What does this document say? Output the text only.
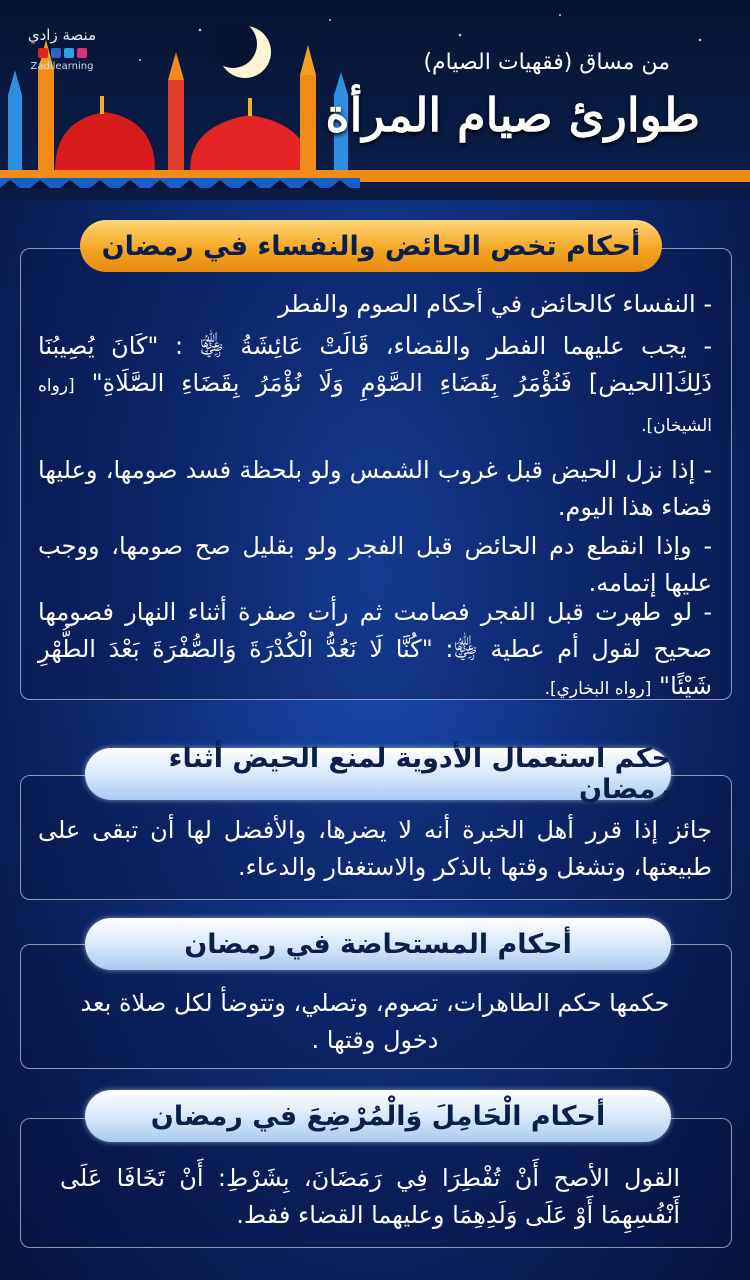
منصة زادي
Zadilearning	من مساق (فقهيات الصيام)
طوارئ صيام المرأة
أحكام تخص الحائض والنفساء في رمضان
- النفساء كالحائض في أحكام الصوم والفطر
- يجب عليهما الفطر والقضاء، قَالَتْ عَائِشَةُ ﵂ : "كَانَ يُصِيبُنَا ذَلِكَ[الحيض] فَنُؤْمَرُ بِقَضَاءِ الصَّوْمِ وَلَا نُؤْمَرُ بِقَضَاءِ الصَّلَاةِ" [رواه الشيخان].
- إذا نزل الحيض قبل غروب الشمس ولو بلحظة فسد صومها، وعليها قضاء هذا اليوم.
- وإذا انقطع دم الحائض قبل الفجر ولو بقليل صح صومها، ووجب عليها إتمامه.
- لو طهرت قبل الفجر فصامت ثم رأت صفرة أثناء النهار فصومها صحيح لقول أم عطية ﵂: "كُنَّا لَا نَعُدُّ الْكُدْرَةَ وَالصُّفْرَةَ بَعْدَ الطُّهْرِ شَيْئًا" [رواه البخاري].
حكم استعمال الأدوية لمنع الحيض أثناء رمضان
جائز إذا قرر أهل الخبرة أنه لا يضرها، والأفضل لها أن تبقى على طبيعتها، وتشغل وقتها بالذكر والاستغفار والدعاء.
أحكام المستحاضة في رمضان
حكمها حكم الطاهرات، تصوم، وتصلي، وتتوضأ لكل صلاة بعد دخول وقتها .
أحكام الْحَامِلَ وَالْمُرْضِعَ في رمضان
القول الأصح أَنْ تُفْطِرَا فِي رَمَضَانَ، بِشَرْطِ: أَنْ تَخَافَا عَلَى أَنْفُسِهِمَا أَوْ عَلَى وَلَدِهِمَا وعليهما القضاء فقط.
